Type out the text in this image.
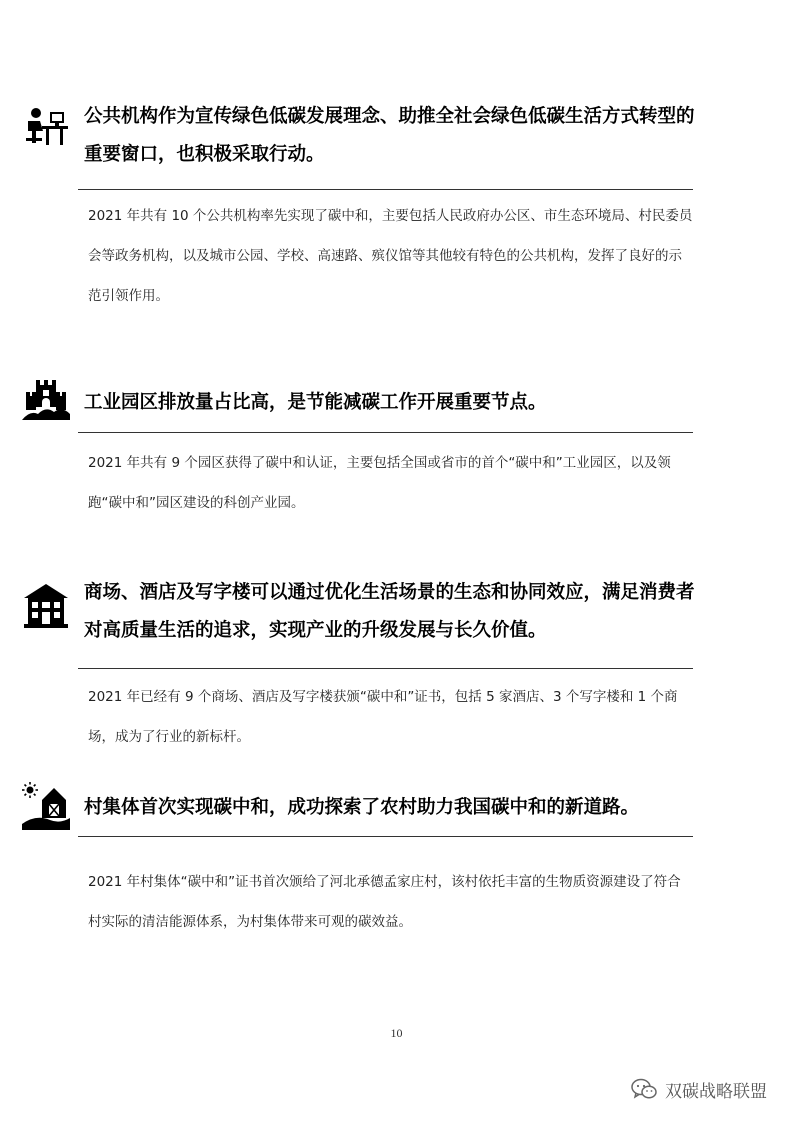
公共机构作为宣传绿色低碳发展理念、助推全社会绿色低碳生活方式转型的重要窗口，也积极采取行动。

2021 年共有 10 个公共机构率先实现了碳中和，主要包括人民政府办公区、市生态环境局、村民委员会等政务机构，以及城市公园、学校、高速路、殡仪馆等其他较有特色的公共机构，发挥了良好的示范引领作用。

工业园区排放量占比高，是节能减碳工作开展重要节点。

2021 年共有 9 个园区获得了碳中和认证，主要包括全国或省市的首个“碳中和”工业园区，以及领跑“碳中和”园区建设的科创产业园。

商场、酒店及写字楼可以通过优化生活场景的生态和协同效应，满足消费者对高质量生活的追求，实现产业的升级发展与长久价值。

2021 年已经有 9 个商场、酒店及写字楼获颁“碳中和”证书，包括 5 家酒店、3 个写字楼和 1 个商场，成为了行业的新标杆。

村集体首次实现碳中和，成功探索了农村助力我国碳中和的新道路。

2021 年村集体“碳中和”证书首次颁给了河北承德孟家庄村，该村依托丰富的生物质资源建设了符合村实际的清洁能源体系，为村集体带来可观的碳效益。

10
双碳战略联盟
